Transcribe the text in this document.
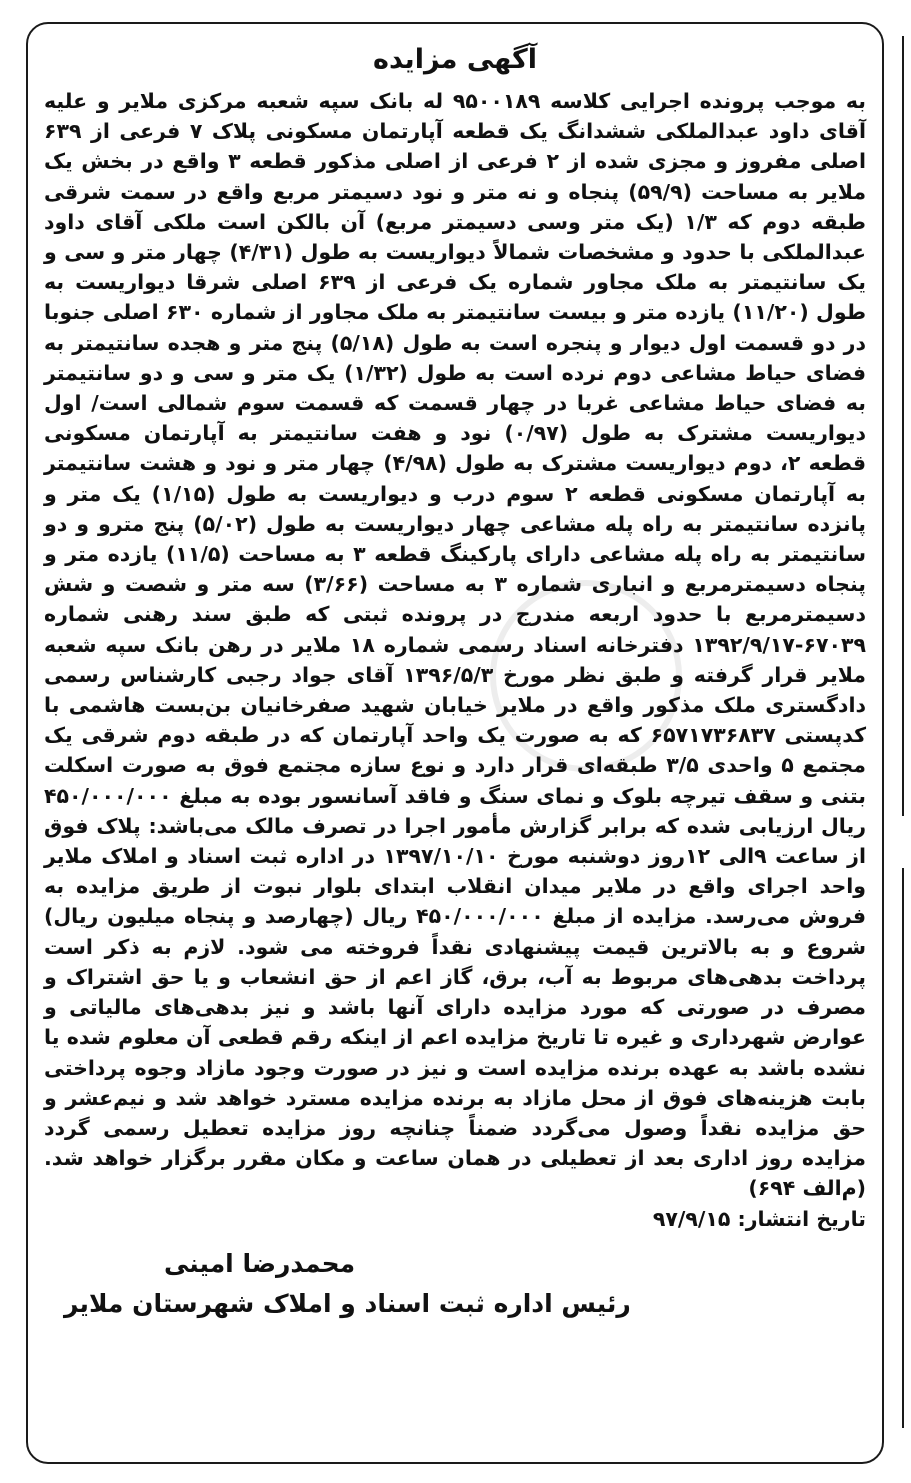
آگهی مزایده

به موجب پرونده اجرایی کلاسه ۹۵۰۰۱۸۹ له بانک سپه شعبه مرکزی ملایر و علیه آقای داود عبدالملکی ششدانگ یک قطعه آپارتمان مسکونی پلاک ۷ فرعی از ۶۳۹ اصلی مفروز و مجزی شده از ۲ فرعی از اصلی مذکور قطعه ۳ واقع در بخش یک ملایر به مساحت (۵۹/۹) پنجاه و نه متر و نود دسیمتر مربع واقع در سمت شرقی طبقه دوم که ۱/۳ (یک متر وسی دسیمتر مربع) آن بالکن است ملکی آقای داود عبدالملکی با حدود و مشخصات شمالاً دیواریست به طول (۴/۳۱) چهار متر و سی و یک سانتیمتر به ملک مجاور شماره یک فرعی از ۶۳۹ اصلی شرقا دیواریست به طول (۱۱/۲۰) یازده متر و بیست سانتیمتر به ملک مجاور از شماره ۶۳۰ اصلی جنوبا در دو قسمت اول دیوار و پنجره است به طول (۵/۱۸) پنج متر و هجده سانتیمتر به فضای حیاط مشاعی دوم نرده است به طول (۱/۳۲) یک متر و سی و دو سانتیمتر به فضای حیاط مشاعی غربا در چهار قسمت که قسمت سوم شمالی است/ اول دیواریست مشترک به طول (۰/۹۷) نود و هفت سانتیمتر به آپارتمان مسکونی قطعه ۲، دوم دیواریست مشترک به طول (۴/۹۸) چهار متر و نود و هشت سانتیمتر به آپارتمان مسکونی قطعه ۲ سوم درب و دیواریست به طول (۱/۱۵) یک متر و پانزده سانتیمتر به راه پله مشاعی چهار دیواریست به طول (۵/۰۲) پنج مترو و دو سانتیمتر به راه پله مشاعی دارای پارکینگ قطعه ۳ به مساحت (۱۱/۵) یازده متر و پنجاه دسیمترمربع و انباری شماره ۳ به مساحت (۳/۶۶) سه متر و شصت و شش دسیمترمربع با حدود اربعه مندرج در پرونده ثبتی که طبق سند رهنی شماره ۶۷۰۳۹-۱۳۹۲/۹/۱۷ دفترخانه اسناد رسمی شماره ۱۸ ملایر در رهن بانک سپه شعبه ملایر قرار گرفته و طبق نظر مورخ ۱۳۹۶/۵/۳ آقای جواد رجبی کارشناس رسمی دادگستری ملک مذکور واقع در ملایر خیابان شهید صفرخانیان بن‌بست هاشمی با کدپستی ۶۵۷۱۷۳۶۸۳۷ که به صورت یک واحد آپارتمان که در طبقه دوم شرقی یک مجتمع ۵ واحدی ۳/۵ طبقه‌ای قرار دارد و نوع سازه مجتمع فوق به صورت اسکلت بتنی و سقف تیرچه بلوک و نمای سنگ و فاقد آسانسور بوده به مبلغ ۴۵۰/۰۰۰/۰۰۰ ریال ارزیابی شده که برابر گزارش مأمور اجرا در تصرف مالک می‌باشد: پلاک فوق از ساعت ۹الی ۱۲روز دوشنبه مورخ ۱۳۹۷/۱۰/۱۰ در اداره ثبت اسناد و املاک ملایر واحد اجرای واقع در ملایر میدان انقلاب ابتدای بلوار نبوت از طریق مزایده به فروش می‌رسد. مزایده از مبلغ ۴۵۰/۰۰۰/۰۰۰ ریال (چهارصد و پنجاه میلیون ریال) شروع و به بالاترین قیمت پیشنهادی نقداً فروخته می شود. لازم به ذکر است پرداخت بدهی‌های مربوط به آب، برق، گاز اعم از حق انشعاب و یا حق اشتراک و مصرف در صورتی که مورد مزایده دارای آنها باشد و نیز بدهی‌های مالیاتی و عوارض شهرداری و غیره تا تاریخ مزایده اعم از اینکه رقم قطعی آن معلوم شده یا نشده باشد به عهده برنده مزایده است و نیز در صورت وجود مازاد وجوه پرداختی بابت هزینه‌های فوق از محل مازاد به برنده مزایده مسترد خواهد شد و نیم‌عشر و حق مزایده نقداً وصول می‌گردد ضمناً چنانچه روز مزایده تعطیل رسمی گردد مزایده روز اداری بعد از تعطیلی در همان ساعت و مکان مقرر برگزار خواهد شد. (م‌الف ۶۹۴)

تاریخ انتشار: ۹۷/۹/۱۵

محمدرضا امینی

رئیس اداره ثبت اسناد و املاک شهرستان ملایر
